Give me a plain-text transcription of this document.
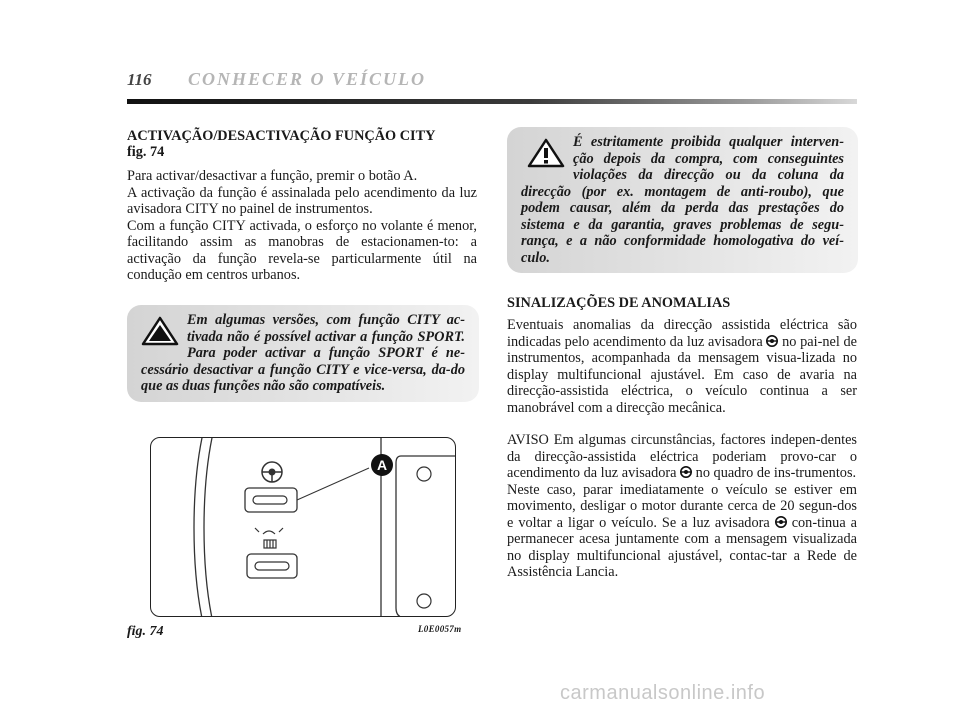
116 CONHECER O VEÍCULO

ACTIVAÇÃO/DESACTIVAÇÃO FUNÇÃO CITY

fig. 74

Para activar/desactivar a função, premir o botão A.

A activação da função é assinalada pelo acendimento da luz avisadora CITY no painel de instrumentos.

Com a função CITY activada, o esforço no volante é menor, facilitando assim as manobras de estacionamen-to: a activação da função revela-se particularmente útil na condução em centros urbanos.

Em algumas versões, com função CITY ac-tivada não é possível activar a função SPORT. Para poder activar a função SPORT é ne-cessário desactivar a função CITY e vice-versa, da-do que as duas funções não são compatíveis.
A
fig. 74	L0E0057m
É estritamente proibida qualquer interven-ção depois da compra, com conseguintes violações da direcção ou da coluna da direcção (por ex. montagem de anti-roubo), que podem causar, além da perda das prestações do sistema e da garantia, graves problemas de segu-rança, e a não conformidade homologativa do veí-culo.

SINALIZAÇÕES DE ANOMALIAS

Eventuais anomalias da direcção assistida eléctrica são indicadas pelo acendimento da luz avisadora no pai-nel de instrumentos, acompanhada da mensagem visua-lizada no display multifuncional ajustável. Em caso de avaria na direcção-assistida eléctrica, o veículo continua a ser manobrável com a direcção mecânica.

AVISO Em algumas circunstâncias, factores indepen-dentes da direcção-assistida eléctrica poderiam provo-car o acendimento da luz avisadora no quadro de ins-trumentos.

Neste caso, parar imediatamente o veículo se estiver em movimento, desligar o motor durante cerca de 20 segun-dos e voltar a ligar o veículo. Se a luz avisadora con-tinua a permanecer acesa juntamente com a mensagem visualizada no display multifuncional ajustável, contac-tar a Rede de Assistência Lancia.

carmanualsonline.info
